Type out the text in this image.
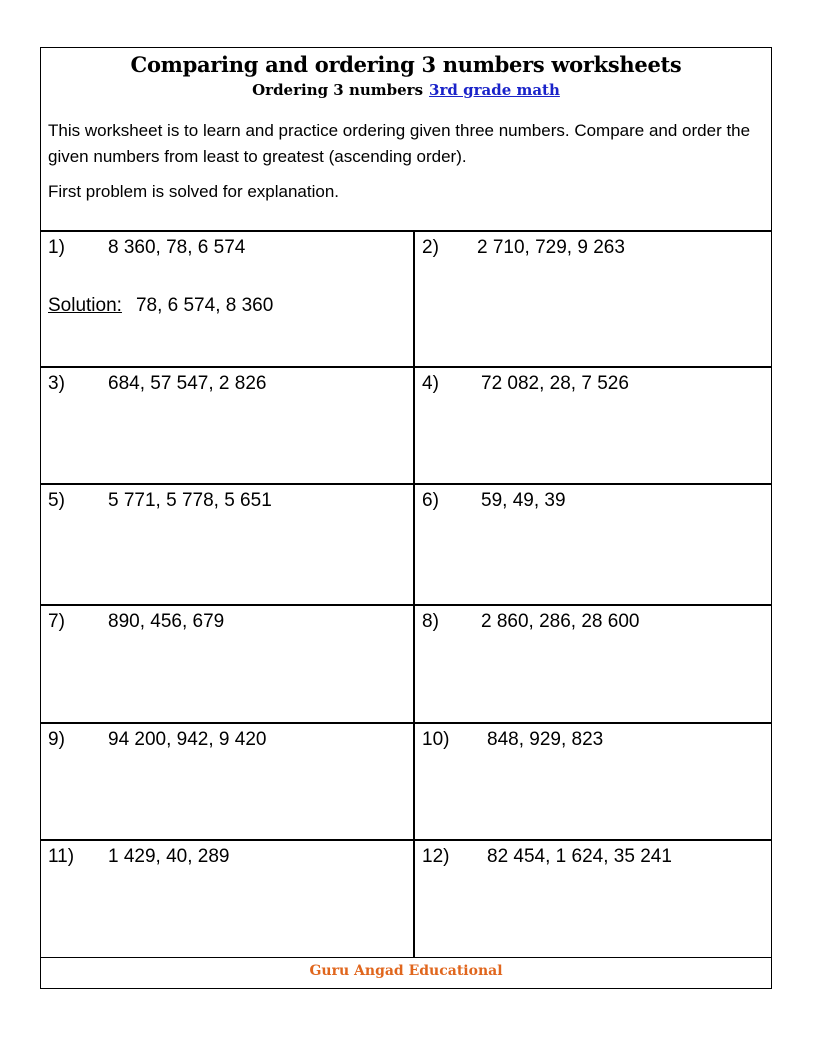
Comparing and ordering 3 numbers worksheets
Ordering 3 numbers 3rd grade math
This worksheet is to learn and practice ordering given three numbers. Compare and order the given numbers from least to greatest (ascending order).
First problem is solved for explanation.
1) 8 360, 78, 6 574
Solution: 78, 6 574, 8 360
2) 2 710, 729, 9 263
3) 684, 57 547, 2 826	4) 72 082, 28, 7 526
5) 5 771, 5 778, 5 651	6) 59, 49, 39
7) 890, 456, 679	8) 2 860, 286, 28 600
9) 94 200, 942, 9 420	10) 848, 929, 823
11) 1 429, 40, 289	12) 82 454, 1 624, 35 241
Guru Angad Educational
